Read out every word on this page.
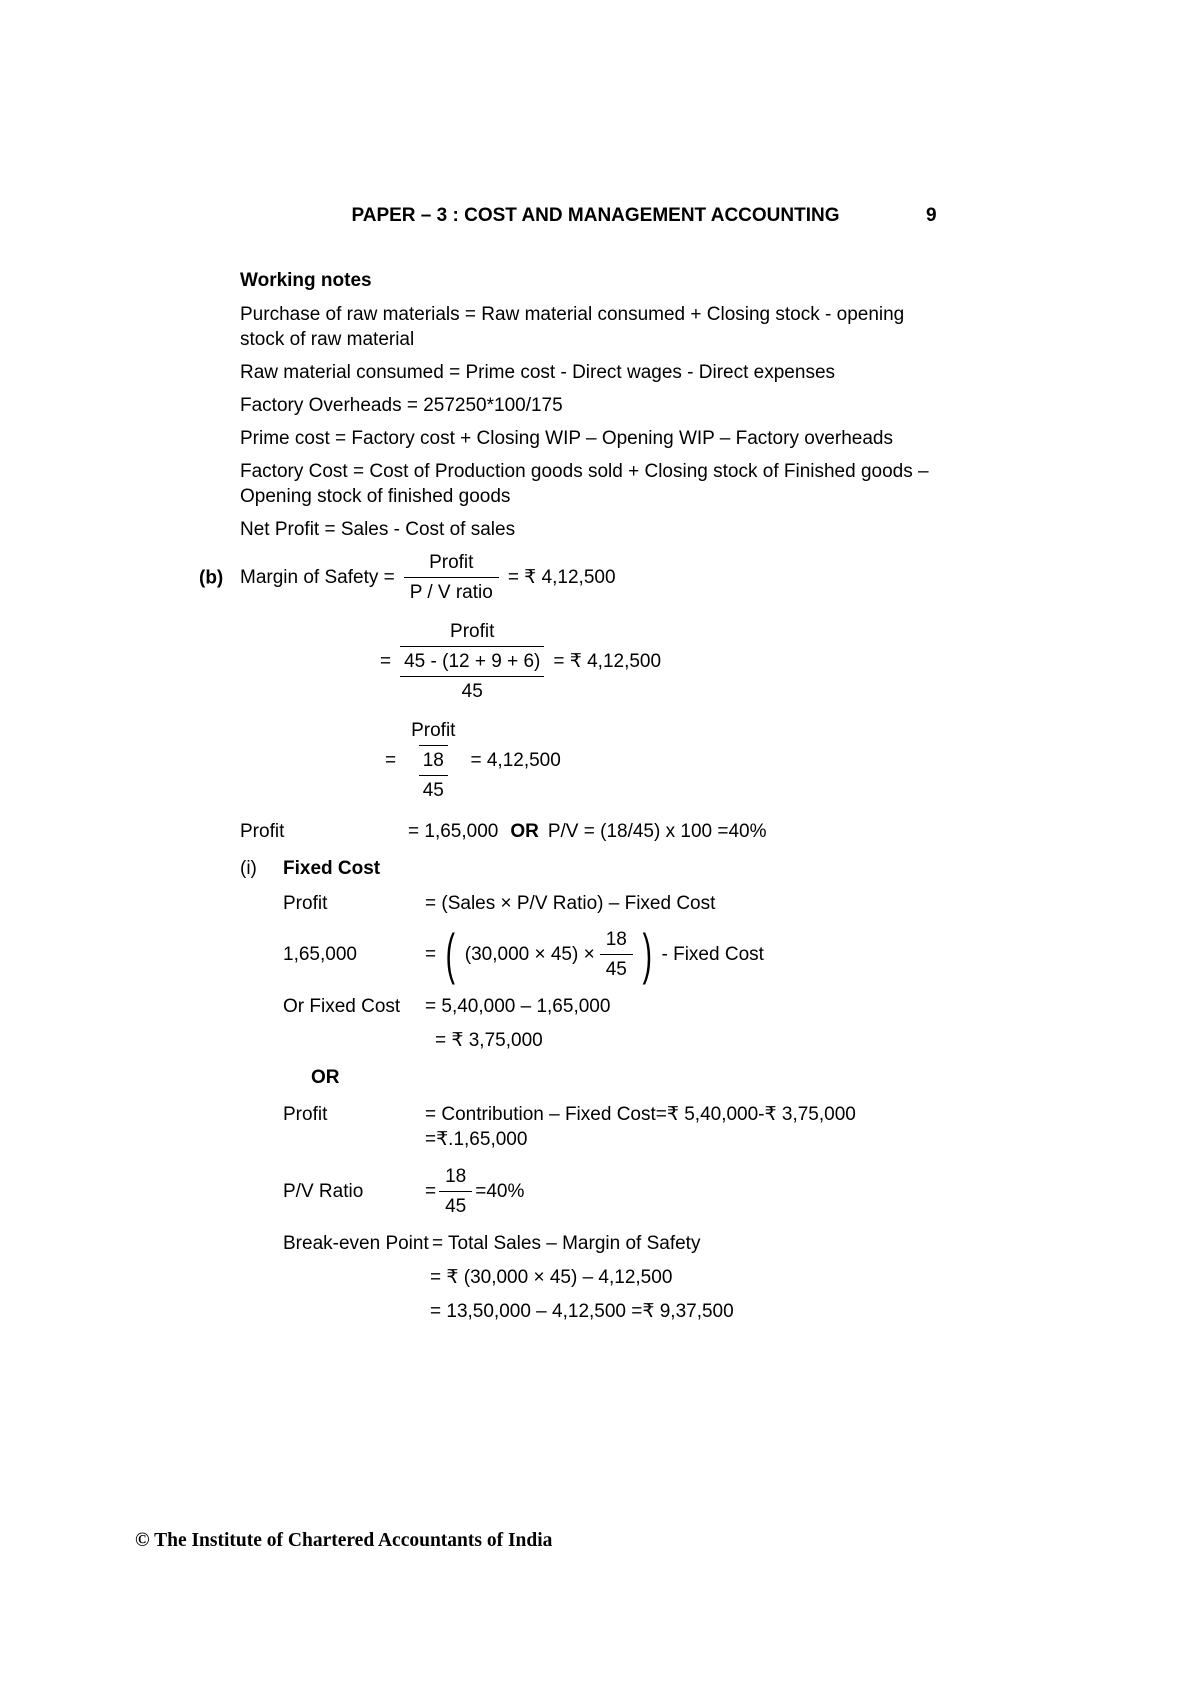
PAPER – 3 : COST AND MANAGEMENT ACCOUNTING	9
Working notes

Purchase of raw materials = Raw material consumed + Closing stock - opening stock of raw material

Raw material consumed = Prime cost - Direct wages - Direct expenses

Factory Overheads = 257250*100/175

Prime cost = Factory cost + Closing WIP – Opening WIP – Factory overheads

Factory Cost = Cost of Production goods sold + Closing stock of Finished goods – Opening stock of finished goods

Net Profit = Sales - Cost of sales

(b) Margin of Safety = $\frac{\text{Profit}}{\text{P / V ratio}}$ = ₹ 4,12,500
= $\frac{\text{Profit}}{\frac{45 - (12 + 9 + 6)}{45}}$ = ₹ 4,12,500
= $\frac{\text{Profit}}{\frac{18}{45}} = 4,12,500$
Profit	= 1,65,000 OR P/V = (18/45) x 100 =40%
(i)	Fixed Cost
Profit	= (Sales × P/V Ratio) – Fixed Cost
1,65,000	= ( $(30,000 \times 45) \times \frac{18}{45}$ ) - Fixed Cost
Or Fixed Cost	= 5,40,000 – 1,65,000
= ₹ 3,75,000
OR
Profit	= Contribution – Fixed Cost=₹ 5,40,000-₹ 3,75,000 =₹.1,65,000
P/V Ratio	= $\frac{18}{45} =40\%$
Break-even Point = Total Sales – Margin of Safety
= ₹ (30,000 × 45) – 4,12,500
= 13,50,000 – 4,12,500 =₹ 9,37,500
© The Institute of Chartered Accountants of India
